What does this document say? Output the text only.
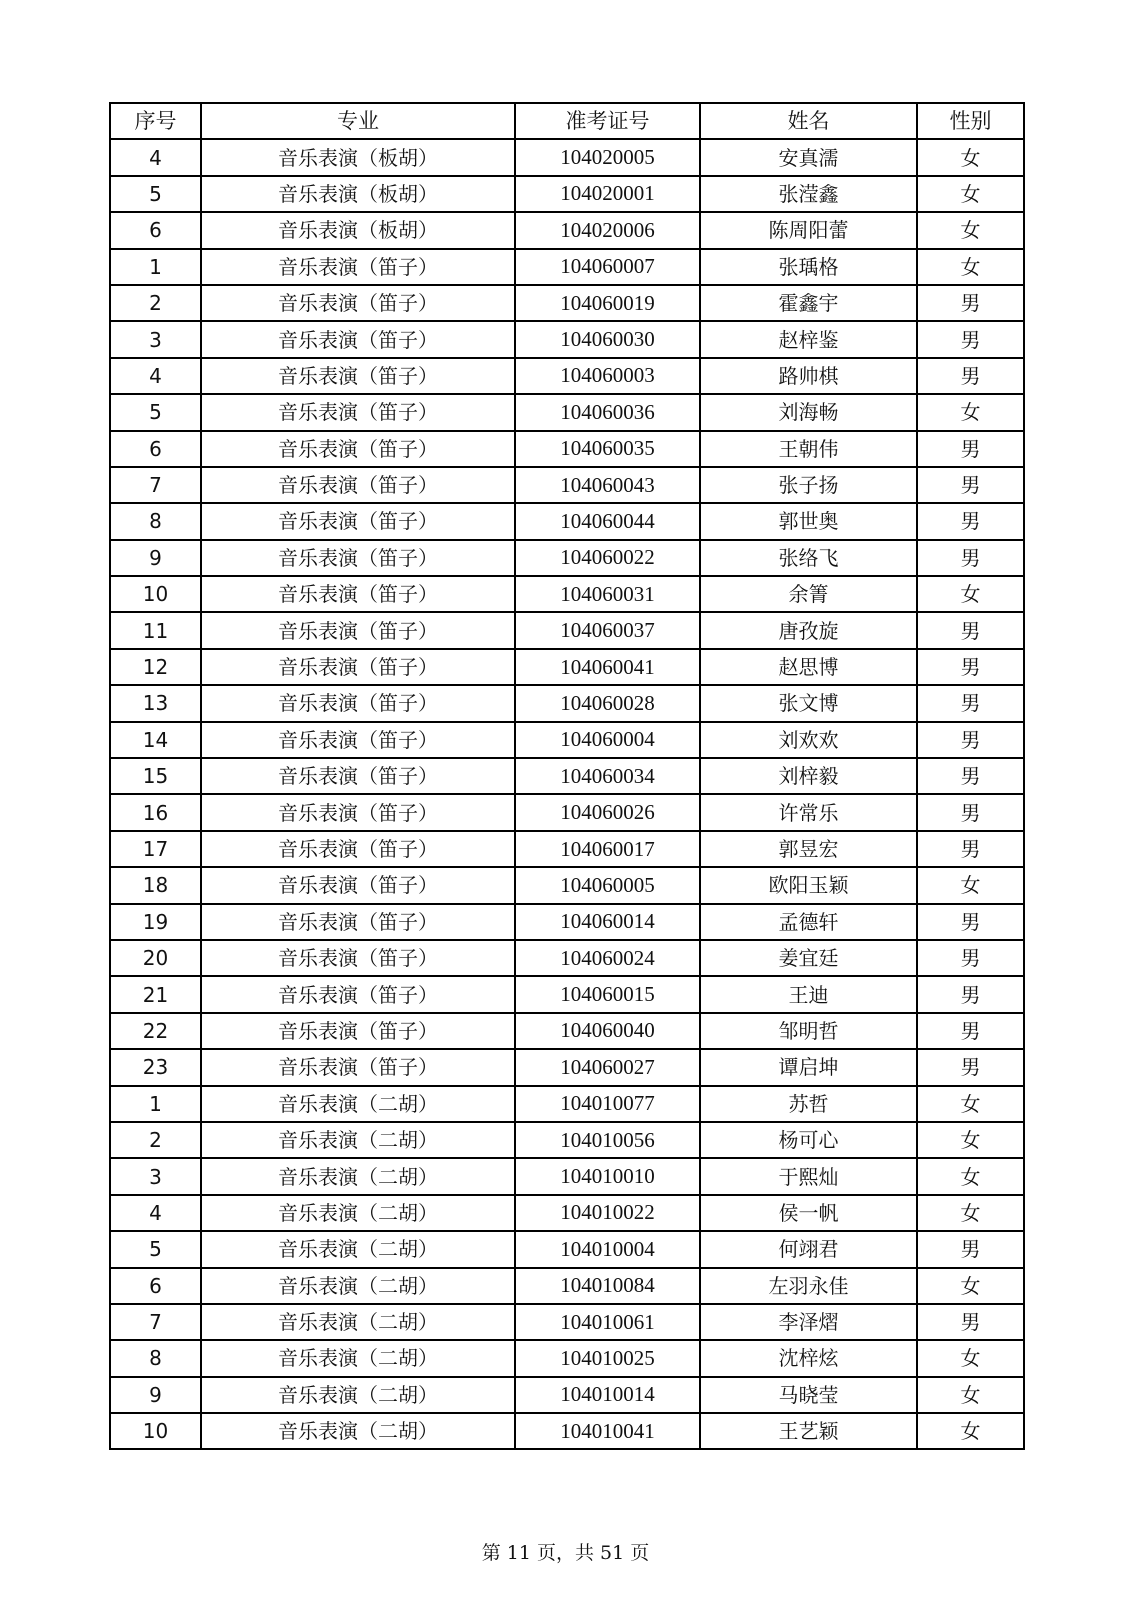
序号	专业	准考证号	姓名	性别
4	音乐表演（板胡）	104020005	安真濡	女
5	音乐表演（板胡）	104020001	张滢鑫	女
6	音乐表演（板胡）	104020006	陈周阳蕾	女
1	音乐表演（笛子）	104060007	张瑀格	女
2	音乐表演（笛子）	104060019	霍鑫宇	男
3	音乐表演（笛子）	104060030	赵梓鉴	男
4	音乐表演（笛子）	104060003	路帅棋	男
5	音乐表演（笛子）	104060036	刘海畅	女
6	音乐表演（笛子）	104060035	王朝伟	男
7	音乐表演（笛子）	104060043	张子扬	男
8	音乐表演（笛子）	104060044	郭世奥	男
9	音乐表演（笛子）	104060022	张络飞	男
10	音乐表演（笛子）	104060031	余箐	女
11	音乐表演（笛子）	104060037	唐孜旋	男
12	音乐表演（笛子）	104060041	赵思博	男
13	音乐表演（笛子）	104060028	张文博	男
14	音乐表演（笛子）	104060004	刘欢欢	男
15	音乐表演（笛子）	104060034	刘梓毅	男
16	音乐表演（笛子）	104060026	许常乐	男
17	音乐表演（笛子）	104060017	郭昱宏	男
18	音乐表演（笛子）	104060005	欧阳玉颖	女
19	音乐表演（笛子）	104060014	孟德轩	男
20	音乐表演（笛子）	104060024	姜宜廷	男
21	音乐表演（笛子）	104060015	王迪	男
22	音乐表演（笛子）	104060040	邹明哲	男
23	音乐表演（笛子）	104060027	谭启坤	男
1	音乐表演（二胡）	104010077	苏哲	女
2	音乐表演（二胡）	104010056	杨可心	女
3	音乐表演（二胡）	104010010	于熙灿	女
4	音乐表演（二胡）	104010022	侯一帆	女
5	音乐表演（二胡）	104010004	何翊君	男
6	音乐表演（二胡）	104010084	左羽永佳	女
7	音乐表演（二胡）	104010061	李泽熠	男
8	音乐表演（二胡）	104010025	沈梓炫	女
9	音乐表演（二胡）	104010014	马晓莹	女
10	音乐表演（二胡）	104010041	王艺颖	女
第 11 页，共 51 页
